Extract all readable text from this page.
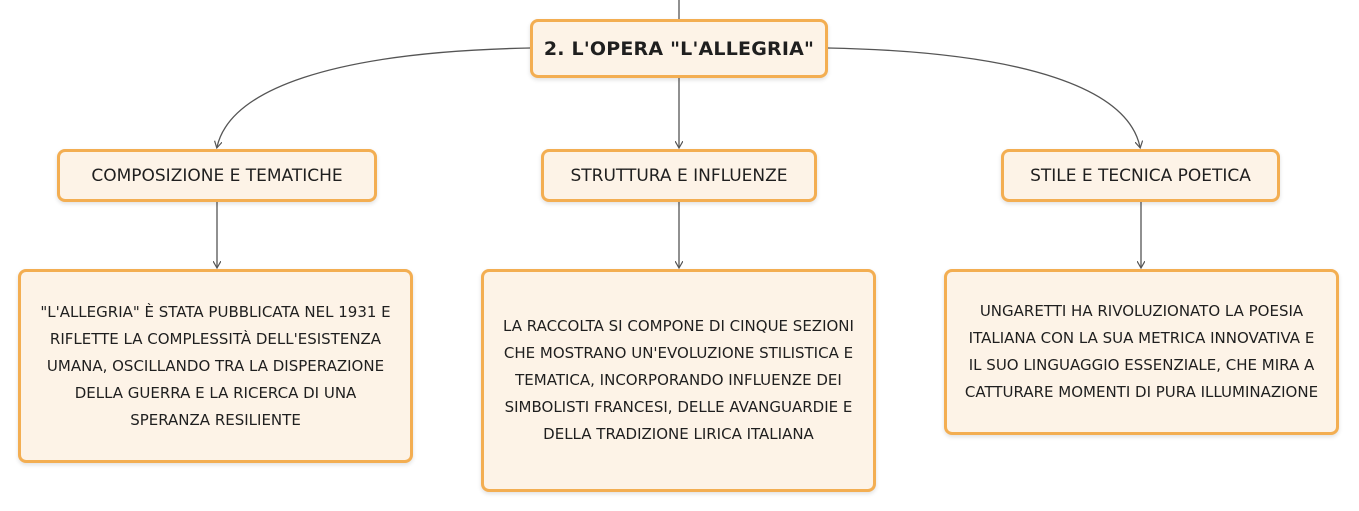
2. L'OPERA "L'ALLEGRIA"
COMPOSIZIONE E TEMATICHE	STRUTTURA E INFLUENZE	STILE E TECNICA POETICA
"L'ALLEGRIA" È STATA PUBBLICATA NEL 1931 E RIFLETTE LA COMPLESSITÀ DELL'ESISTENZA UMANA, OSCILLANDO TRA LA DISPERAZIONE DELLA GUERRA E LA RICERCA DI UNA SPERANZA RESILIENTE
LA RACCOLTA SI COMPONE DI CINQUE SEZIONI CHE MOSTRANO UN'EVOLUZIONE STILISTICA E TEMATICA, INCORPORANDO INFLUENZE DEI SIMBOLISTI FRANCESI, DELLE AVANGUARDIE E DELLA TRADIZIONE LIRICA ITALIANA
UNGARETTI HA RIVOLUZIONATO LA POESIA ITALIANA CON LA SUA METRICA INNOVATIVA E IL SUO LINGUAGGIO ESSENZIALE, CHE MIRA A CATTURARE MOMENTI DI PURA ILLUMINAZIONE
